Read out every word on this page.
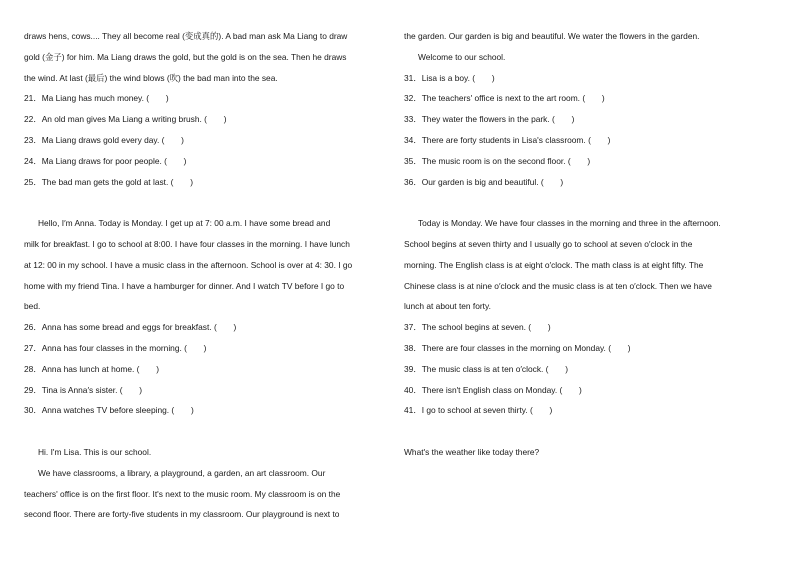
draws hens, cows.... They all become real (变成真的). A bad man ask Ma Liang to draw
gold (金子) for him. Ma Liang draws the gold, but the gold is on the sea. Then he draws
the wind. At last (最后) the wind blows (吹) the bad man into the sea.
21．Ma Liang has much money. (　　)
22．An old man gives Ma Liang a writing brush. (　　)
23．Ma Liang draws gold every day. (　　)
24．Ma Liang draws for poor people. (　　)
25．The bad man gets the gold at last. (　　)
Hello, I′m Anna. Today is Monday. I get up at 7: 00 a.m. I have some bread and
milk for breakfast. I go to school at 8:00. I have four classes in the morning. I have lunch
at 12: 00 in my school. I have a music class in the afternoon. School is over at 4: 30. I go
home with my friend Tina. I have a hamburger for dinner. And I watch TV before I go to
bed.
26．Anna has some bread and eggs for breakfast. (　　)
27．Anna has four classes in the morning. (　　)
28．Anna has lunch at home. (　　)
29．Tina is Anna′s sister. (　　)
30．Anna watches TV before sleeping. (　　)
Hi. I'm Lisa. This is our school.
We have classrooms, a library, a playground, a garden, an art classroom. Our
teachers' office is on the first floor. It's next to the music room. My classroom is on the
second floor. There are forty-five students in my classroom. Our playground is next to
the garden. Our garden is big and beautiful. We water the flowers in the garden.
Welcome to our school.
31．Lisa is a boy. (　　)
32．The teachers' office is next to the art room. (　　)
33．They water the flowers in the park. (　　)
34．There are forty students in Lisa's classroom. (　　)
35．The music room is on the second floor. (　　)
36．Our garden is big and beautiful. (　　)
Today is Monday. We have four classes in the morning and three in the afternoon.
School begins at seven thirty and I usually go to school at seven o′clock in the
morning. The English class is at eight o′clock. The math class is at eight fifty. The
Chinese class is at nine o′clock and the music class is at ten o′clock. Then we have
lunch at about ten forty.
37．The school begins at seven. (　　)
38．There are four classes in the morning on Monday. (　　)
39．The music class is at ten o′clock. (　　)
40．There isn′t English class on Monday. (　　)
41．I go to school at seven thirty. (　　)
What's the weather like today there?
